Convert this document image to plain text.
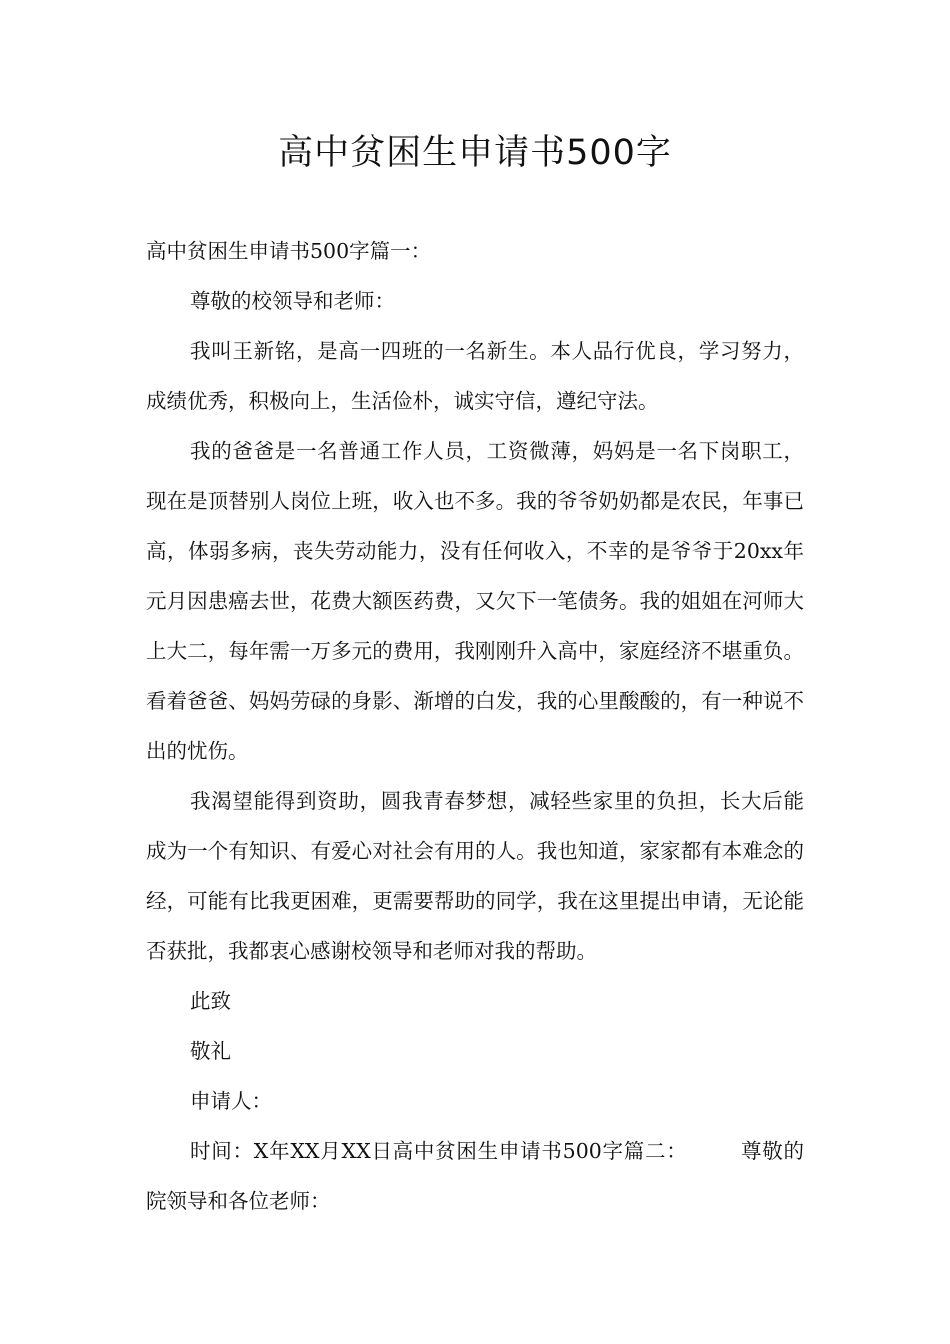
高中贫困生申请书500字

高中贫困生申请书500字篇一：

尊敬的校领导和老师：

我叫王新铭，是高一四班的一名新生。本人品行优良，学习努力， 成绩优秀，积极向上，生活俭朴，诚实守信，遵纪守法。

我的爸爸是一名普通工作人员，工资微薄，妈妈是一名下岗职工，现在是顶替别人岗位上班，收入也不多。我的爷爷奶奶都是农民，年事已高，体弱多病，丧失劳动能力，没有任何收入，不幸的是爷爷于20xx年元月因患癌去世，花费大额医药费，又欠下一笔债务。我的姐姐在河师大上大二，每年需一万多元的费用，我刚刚升入高中，家庭经济不堪重负。看着爸爸、妈妈劳碌的身影、渐增的白发，我的心里酸酸的，有一种说不出的忧伤。

我渴望能得到资助，圆我青春梦想，减轻些家里的负担，长大后能成为一个有知识、有爱心对社会有用的人。我也知道，家家都有本难念的经，可能有比我更困难，更需要帮助的同学，我在这里提出申请，无论能否获批，我都衷心感谢校领导和老师对我的帮助。

此致

敬礼

申请人：

时间：X年XX月XX日高中贫困生申请书500字篇二：　　　尊敬的院领导和各位老师：
